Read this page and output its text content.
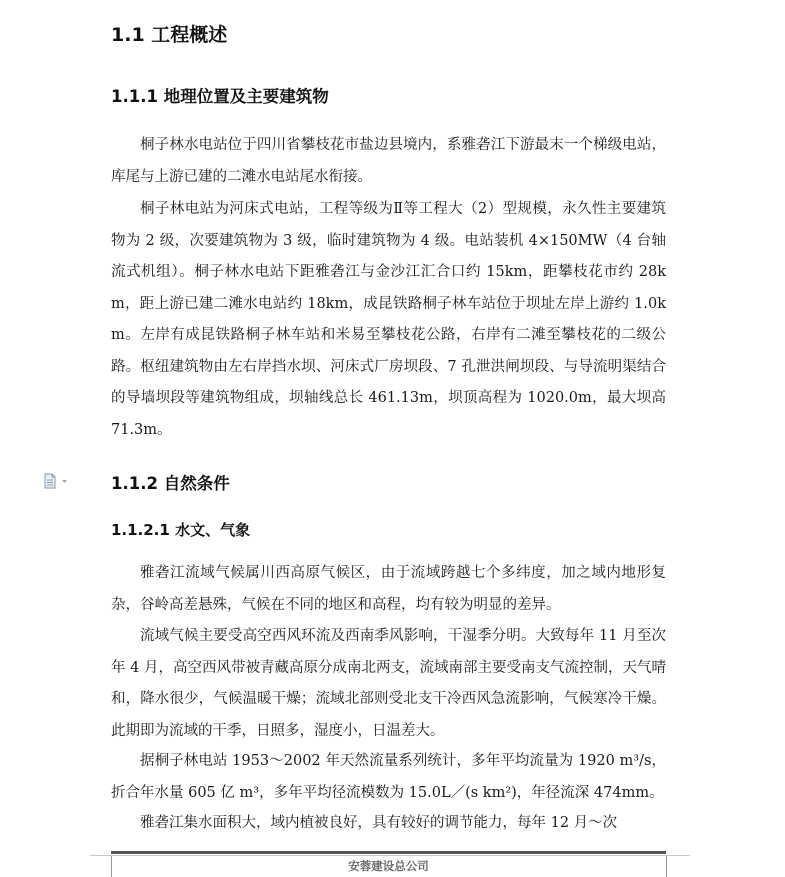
1.1 工程概述
1.1.1 地理位置及主要建筑物

桐子林水电站位于四川省攀枝花市盐边县境内，系雅砻江下游最末一个梯级电站，库尾与上游已建的二滩水电站尾水衔接。

桐子林电站为河床式电站，工程等级为Ⅱ等工程大（2）型规模，永久性主要建筑物为 2 级，次要建筑物为 3 级，临时建筑物为 4 级。电站装机 4×150MW（4 台轴流式机组）。桐子林水电站下距雅砻江与金沙江汇合口约 15km，距攀枝花市约 28km，距上游已建二滩水电站约 18km，成昆铁路桐子林车站位于坝址左岸上游约 1.0km。左岸有成昆铁路桐子林车站和米易至攀枝花公路，右岸有二滩至攀枝花的二级公路。枢纽建筑物由左右岸挡水坝、河床式厂房坝段、7 孔泄洪闸坝段、与导流明渠结合的导墙坝段等建筑物组成，坝轴线总长 461.13m，坝顶高程为 1020.0m，最大坝高 71.3m。

1.1.2 自然条件
1.1.2.1 水文、气象

雅砻江流域气候属川西高原气候区，由于流域跨越七个多纬度，加之域内地形复杂，谷岭高差悬殊，气候在不同的地区和高程，均有较为明显的差异。

流域气候主要受高空西风环流及西南季风影响，干湿季分明。大致每年 11 月至次年 4 月，高空西风带被青藏高原分成南北两支，流域南部主要受南支气流控制，天气晴和，降水很少，气候温暖干燥；流域北部则受北支干冷西风急流影响，气候寒冷干燥。此期即为流域的干季，日照多，湿度小，日温差大。

据桐子林电站 1953～2002 年天然流量系列统计，多年平均流量为 1920 m³/s，折合年水量 605 亿 m³，多年平均径流模数为 15.0L／(s km²)，年径流深 474mm。

雅砻江集水面积大，域内植被良好，具有较好的调节能力，每年 12 月～次

安蓉建设总公司
